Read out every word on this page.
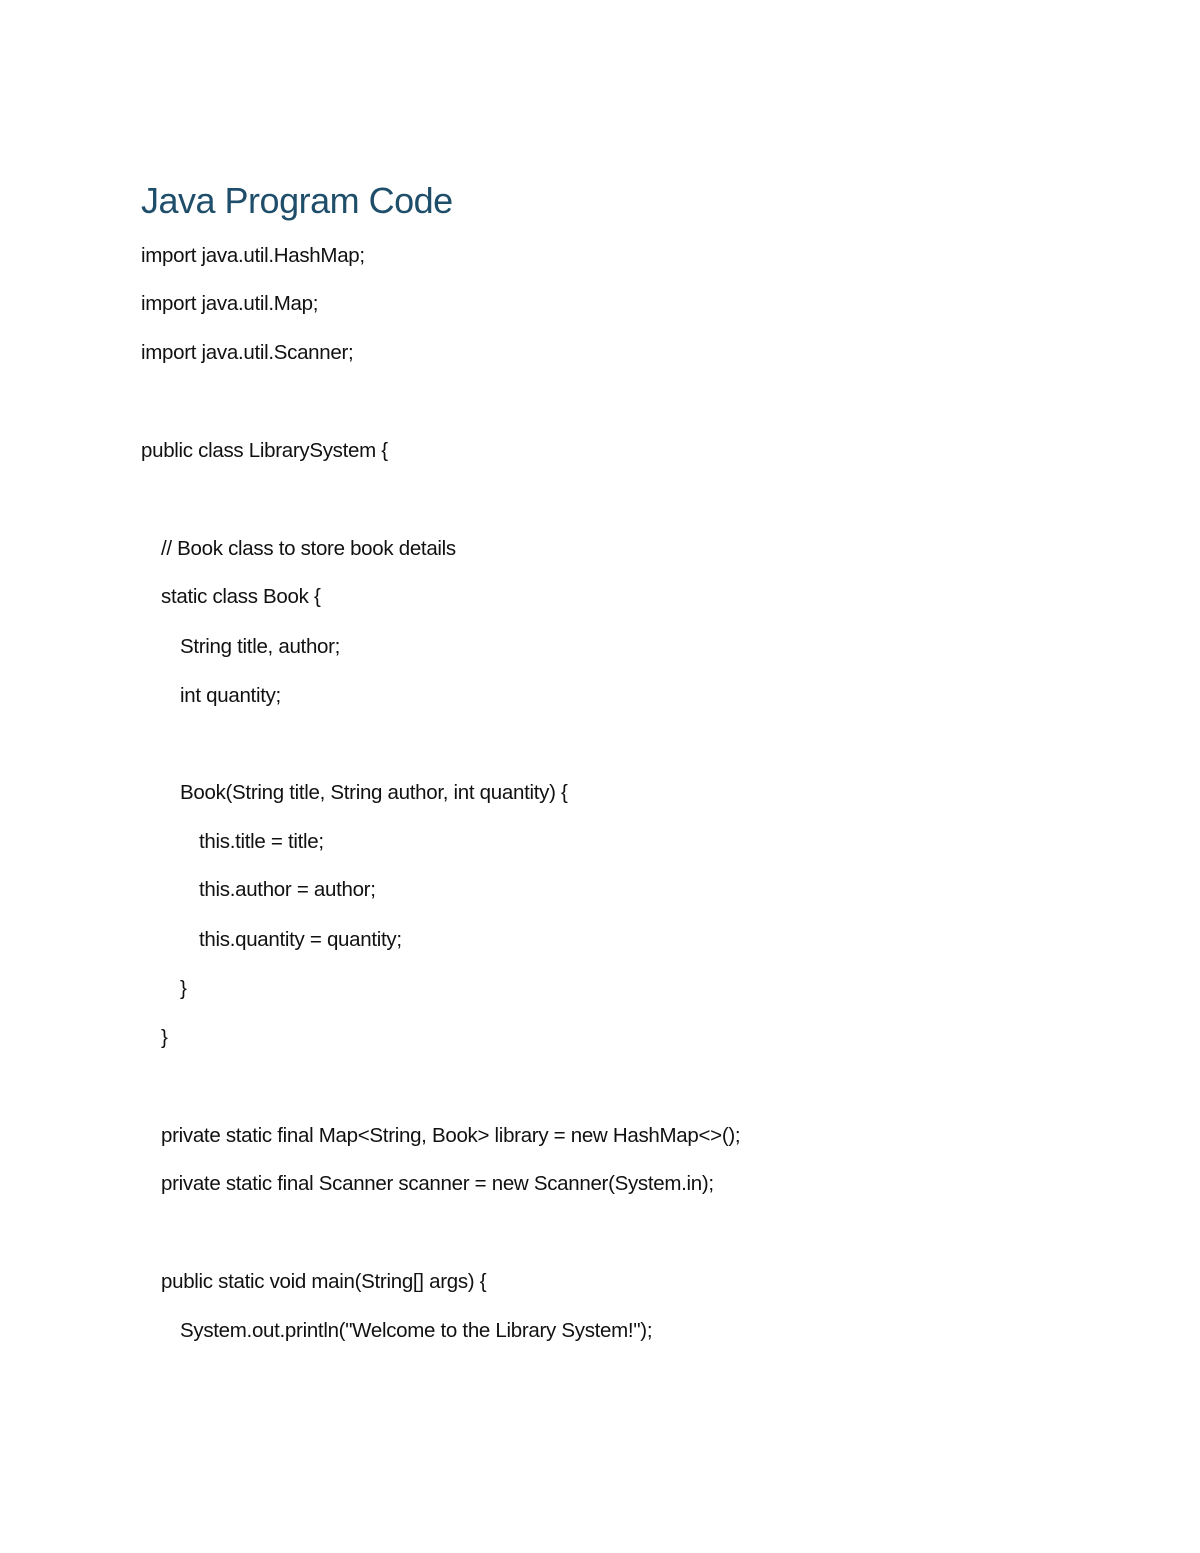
Java Program Code
import java.util.HashMap;
import java.util.Map;
import java.util.Scanner;
public class LibrarySystem {
// Book class to store book details
static class Book {
String title, author;
int quantity;
Book(String title, String author, int quantity) {
this.title = title;
this.author = author;
this.quantity = quantity;
}
}
private static final Map<String, Book> library = new HashMap<>();
private static final Scanner scanner = new Scanner(System.in);
public static void main(String[] args) {
System.out.println("Welcome to the Library System!");
